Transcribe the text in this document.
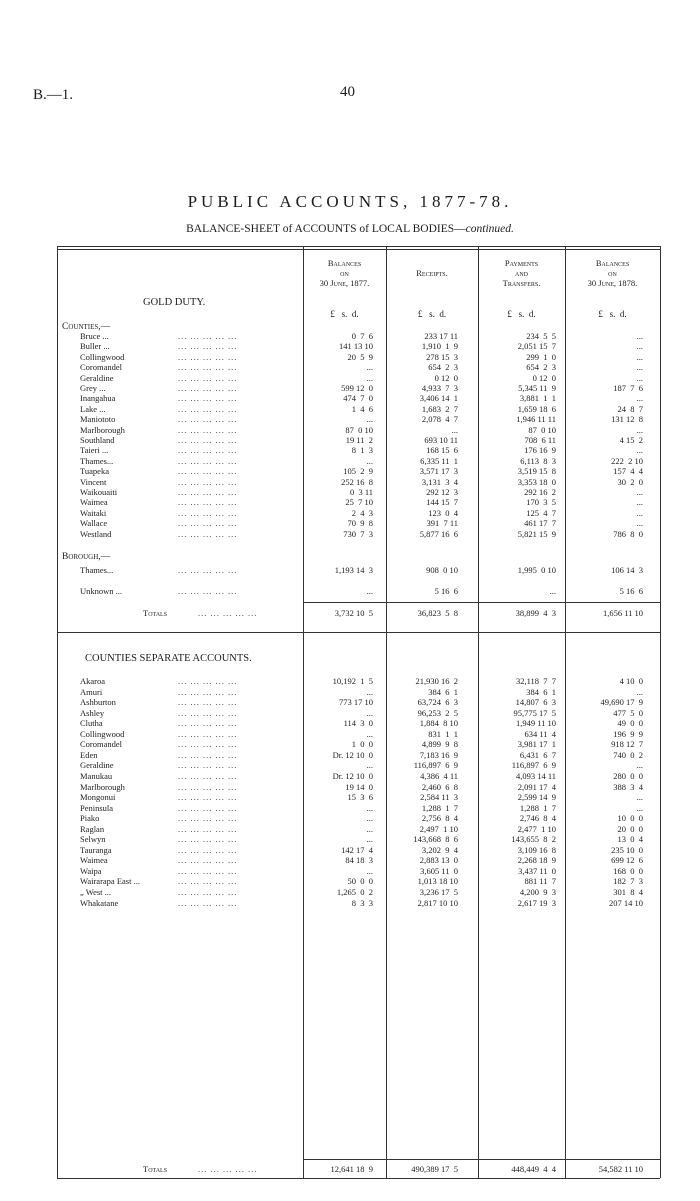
B.—1.	40
PUBLIC ACCOUNTS, 1877-78.
BALANCE-SHEET of ACCOUNTS of LOCAL BODIES—continued.
Balances
on
30 June, 1877.
Receipts.
Payments
and
Transfers.
Balances
on
30 June, 1878.
£   s.  d.	£   s.  d.	£   s.  d.	£   s.  d.
GOLD DUTY.
Counties,—
Bruce ...	... ... ... ... ...	0  7  6	233 17 11	234  5  5	...
Buller ...	... ... ... ... ...	141 13 10	1,910  1  9	2,051 15  7	...
Collingwood	... ... ... ... ...	20  5  9	278 15  3	299  1  0	...
Coromandel	... ... ... ... ...	...	654  2  3	654  2  3	...
Geraldine	... ... ... ... ...	...	0 12  0	0 12  0	...
Grey ...	... ... ... ... ...	599 12  0	4,933  7  3	5,345 11  9	187  7  6
Inangahua	... ... ... ... ...	474  7  0	3,406 14  1	3,881  1  1	...
Lake ...	... ... ... ... ...	1  4  6	1,683  2  7	1,659 18  6	24  8  7
Maniototo	... ... ... ... ...	...	2,078  4  7	1,946 11 11	131 12  8
Marlborough	... ... ... ... ...	87  0 10	...	87  0 10	...
Southland	... ... ... ... ...	19 11  2	693 10 11	708  6 11	4 15  2
Taieri ...	... ... ... ... ...	8  1  3	168 15  6	176 16  9	...
Thames...	... ... ... ... ...	...	6,335 11  1	6,113  8  3	222  2 10
Tuapeka	... ... ... ... ...	105  2  9	3,571 17  3	3,519 15  8	157  4  4
Vincent	... ... ... ... ...	252 16  8	3,131  3  4	3,353 18  0	30  2  0
Waikouaiti	... ... ... ... ...	0  3 11	292 12  3	292 16  2	...
Waimea	... ... ... ... ...	25  7 10	144 15  7	170  3  5	...
Waitaki	... ... ... ... ...	2  4  3	123  0  4	125  4  7	...
Wallace	... ... ... ... ...	70  9  8	391  7 11	461 17  7	...
Westland	... ... ... ... ...	730  7  3	5,877 16  6	5,821 15  9	786  8  0
Borough,—
Thames...	... ... ... ... ...	1,193 14  3	908  0 10	1,995  0 10	106 14  3
Unknown ...	... ... ... ... ...	...	5 16  6	...	5 16  6
Totals	... ... ... ... ...	3,732 10  5	36,823  5  8	38,899  4  3	1,656 11 10
COUNTIES SEPARATE ACCOUNTS.
Akaroa	... ... ... ... ...	10,192  1  5	21,930 16  2	32,118  7  7	4 10  0
Amuri	... ... ... ... ...	...	384  6  1	384  6  1	...
Ashburton	... ... ... ... ...	773 17 10	63,724  6  3	14,807  6  3	49,690 17  9
Ashley	... ... ... ... ...	...	96,253  2  5	95,775 17  5	477  5  0
Clutha	... ... ... ... ...	114  3  0	1,884  8 10	1,949 11 10	49  0  0
Collingwood	... ... ... ... ...	...	831  1  1	634 11  4	196  9  9
Coromandel	... ... ... ... ...	1  0  0	4,899  9  8	3,981 17  1	918 12  7
Eden	... ... ... ... ...	Dr. 12 10  0	7,183 16  9	6,431  6  7	740  0  2
Geraldine	... ... ... ... ...	...	116,897  6  9	116,897  6  9	...
Manukau	... ... ... ... ...	Dr. 12 10  0	4,386  4 11	4,093 14 11	280  0  0
Marlborough	... ... ... ... ...	19 14  0	2,460  6  8	2,091 17  4	388  3  4
Mongonui	... ... ... ... ...	15  3  6	2,584 11  3	2,599 14  9	...
Peninsula	... ... ... ... ...	...	1,288  1  7	1,288  1  7	...
Piako	... ... ... ... ...	...	2,756  8  4	2,746  8  4	10  0  0
Raglan	... ... ... ... ...	...	2,497  1 10	2,477  1 10	20  0  0
Selwyn	... ... ... ... ...	...	143,668  8  6	143,655  8  2	13  0  4
Tauranga	... ... ... ... ...	142 17  4	3,202  9  4	3,109 16  8	235 10  0
Waimea	... ... ... ... ...	84 18  3	2,883 13  0	2,268 18  9	699 12  6
Waipa	... ... ... ... ...	...	3,605 11  0	3,437 11  0	168  0  0
Wairarapa East ...	... ... ... ... ...	50  0  0	1,013 18 10	881 11  7	182  7  3
„ West ...	... ... ... ... ...	1,265  0  2	3,236 17  5	4,200  9  3	301  8  4
Whakatane	... ... ... ... ...	8  3  3	2,817 10 10	2,617 19  3	207 14 10
Totals	... ... ... ... ...	12,641 18  9	490,389 17  5	448,449  4  4	54,582 11 10
